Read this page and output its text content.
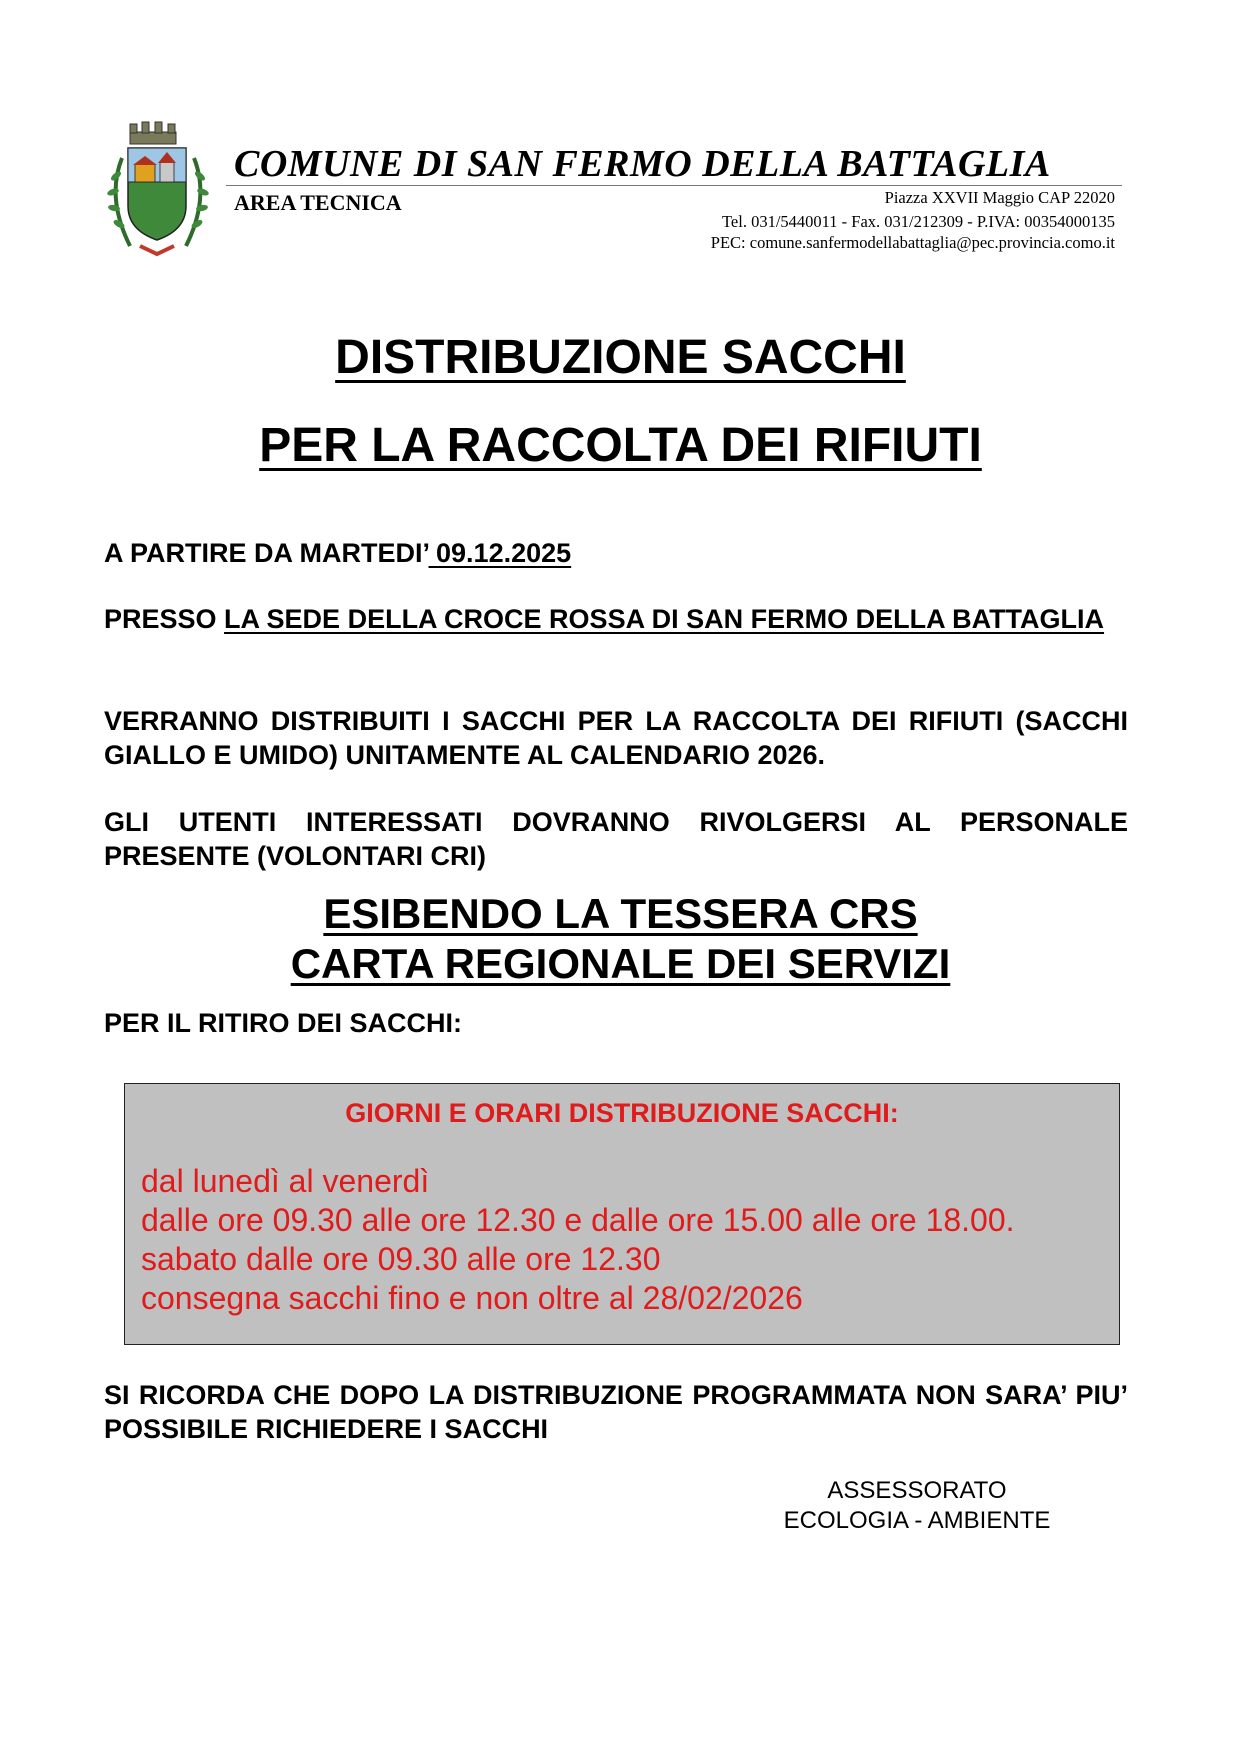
COMUNE DI SAN FERMO DELLA BATTAGLIA
AREA TECNICA	Piazza XXVII Maggio CAP 22020
Tel. 031/5440011 - Fax. 031/212309 - P.IVA: 00354000135
PEC: comune.sanfermodellabattaglia@pec.provincia.como.it
DISTRIBUZIONE SACCHI
PER LA RACCOLTA DEI RIFIUTI
A PARTIRE DA MARTEDI’ 09.12.2025
PRESSO LA SEDE DELLA CROCE ROSSA DI SAN FERMO DELLA BATTAGLIA
VERRANNO DISTRIBUITI I SACCHI PER LA RACCOLTA DEI RIFIUTI (SACCHI GIALLO E UMIDO) UNITAMENTE AL CALENDARIO 2026.
GLI UTENTI INTERESSATI DOVRANNO RIVOLGERSI AL PERSONALE PRESENTE (VOLONTARI CRI)
ESIBENDO LA TESSERA CRS
CARTA REGIONALE DEI SERVIZI
PER IL RITIRO DEI SACCHI:
GIORNI E ORARI DISTRIBUZIONE SACCHI:
dal lunedì al venerdì
dalle ore 09.30 alle ore 12.30 e dalle ore 15.00 alle ore 18.00.
sabato dalle ore 09.30 alle ore 12.30
consegna sacchi fino e non oltre al 28/02/2026
SI RICORDA CHE DOPO LA DISTRIBUZIONE PROGRAMMATA NON SARA’ PIU’ POSSIBILE RICHIEDERE I SACCHI
ASSESSORATO
ECOLOGIA - AMBIENTE
